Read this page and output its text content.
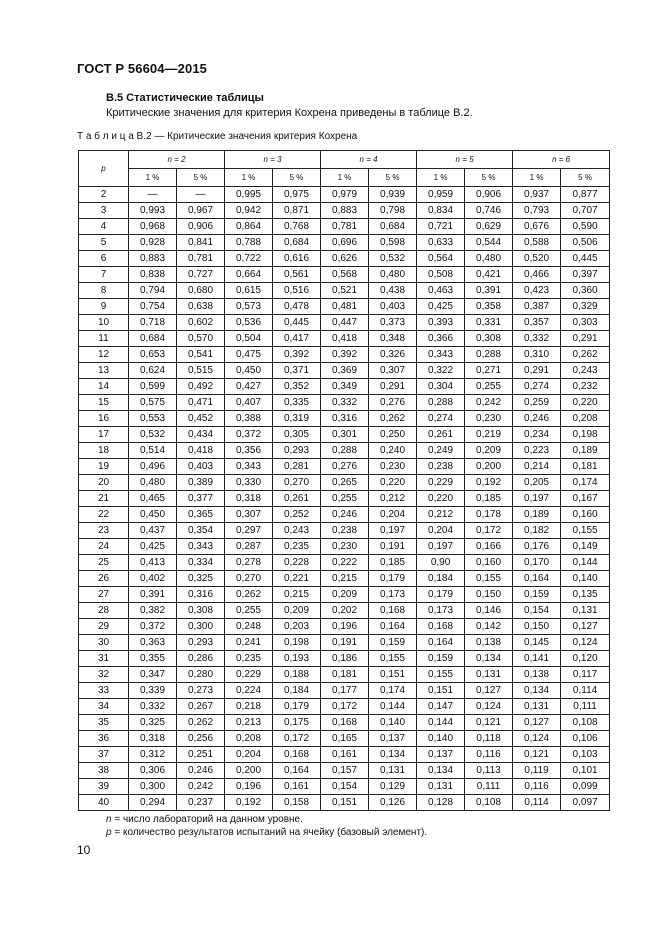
ГОСТ Р 56604—2015
В.5 Статистические таблицы
Критические значения для критерия Кохрена приведены в таблице В.2.
Т а б л и ц а В.2 — Критические значения критерия Кохрена
p	n = 2		n = 3		n = 4		n = 5		n = 6	
	1 %	5 %	1 %	5 %	1 %	5 %	1 %	5 %	1 %	5 %
2	—	—	0,995	0,975	0,979	0,939	0,959	0,906	0,937	0,877
3	0,993	0,967	0,942	0,871	0,883	0,798	0,834	0,746	0,793	0,707
4	0,968	0,906	0,864	0,768	0,781	0,684	0,721	0,629	0,676	0,590
5	0,928	0,841	0,788	0,684	0,696	0,598	0,633	0,544	0,588	0,506
6	0,883	0,781	0,722	0,616	0,626	0,532	0,564	0,480	0,520	0,445
7	0,838	0,727	0,664	0,561	0,568	0,480	0,508	0,421	0,466	0,397
8	0,794	0,680	0,615	0,516	0,521	0,438	0,463	0,391	0,423	0,360
9	0,754	0,638	0,573	0,478	0,481	0,403	0,425	0,358	0,387	0,329
10	0,718	0,602	0,536	0,445	0,447	0,373	0,393	0,331	0,357	0,303
11	0,684	0,570	0,504	0,417	0,418	0,348	0,366	0,308	0,332	0,291
12	0,653	0,541	0,475	0,392	0,392	0,326	0,343	0,288	0,310	0,262
13	0,624	0,515	0,450	0,371	0,369	0,307	0,322	0,271	0,291	0,243
14	0,599	0,492	0,427	0,352	0,349	0,291	0,304	0,255	0,274	0,232
15	0,575	0,471	0,407	0,335	0,332	0,276	0,288	0,242	0,259	0,220
16	0,553	0,452	0,388	0,319	0,316	0,262	0,274	0,230	0,246	0,208
17	0,532	0,434	0,372	0,305	0,301	0,250	0,261	0,219	0,234	0,198
18	0,514	0,418	0,356	0,293	0,288	0,240	0,249	0,209	0,223	0,189
19	0,496	0,403	0,343	0,281	0,276	0,230	0,238	0,200	0,214	0,181
20	0,480	0,389	0,330	0,270	0,265	0,220	0,229	0,192	0,205	0,174
21	0,465	0,377	0,318	0,261	0,255	0,212	0,220	0,185	0,197	0,167
22	0,450	0,365	0,307	0,252	0,246	0,204	0,212	0,178	0,189	0,160
23	0,437	0,354	0,297	0,243	0,238	0,197	0,204	0,172	0,182	0,155
24	0,425	0,343	0,287	0,235	0,230	0,191	0,197	0,166	0,176	0,149
25	0,413	0,334	0,278	0,228	0,222	0,185	0,90	0,160	0,170	0,144
26	0,402	0,325	0,270	0,221	0,215	0,179	0,184	0,155	0,164	0,140
27	0,391	0,316	0,262	0,215	0,209	0,173	0,179	0,150	0,159	0,135
28	0,382	0,308	0,255	0,209	0,202	0,168	0,173	0,146	0,154	0,131
29	0,372	0,300	0,248	0,203	0,196	0,164	0,168	0,142	0,150	0,127
30	0,363	0,293	0,241	0,198	0,191	0,159	0,164	0,138	0,145	0,124
31	0,355	0,286	0,235	0,193	0,186	0,155	0,159	0,134	0,141	0,120
32	0,347	0,280	0,229	0,188	0,181	0,151	0,155	0,131	0,138	0,117
33	0,339	0,273	0,224	0,184	0,177	0,174	0,151	0,127	0,134	0,114
34	0,332	0,267	0,218	0,179	0,172	0,144	0,147	0,124	0,131	0,111
35	0,325	0,262	0,213	0,175	0,168	0,140	0,144	0,121	0,127	0,108
36	0,318	0,256	0,208	0,172	0,165	0,137	0,140	0,118	0,124	0,106
37	0,312	0,251	0,204	0,168	0,161	0,134	0,137	0,116	0,121	0,103
38	0,306	0,246	0,200	0,164	0,157	0,131	0,134	0,113	0,119	0,101
39	0,300	0,242	0,196	0,161	0,154	0,129	0,131	0,111	0,116	0,099
40	0,294	0,237	0,192	0,158	0,151	0,126	0,128	0,108	0,114	0,097
n = число лабораторий на данном уровне.
p = количество результатов испытаний на ячейку (базовый элемент).
10
